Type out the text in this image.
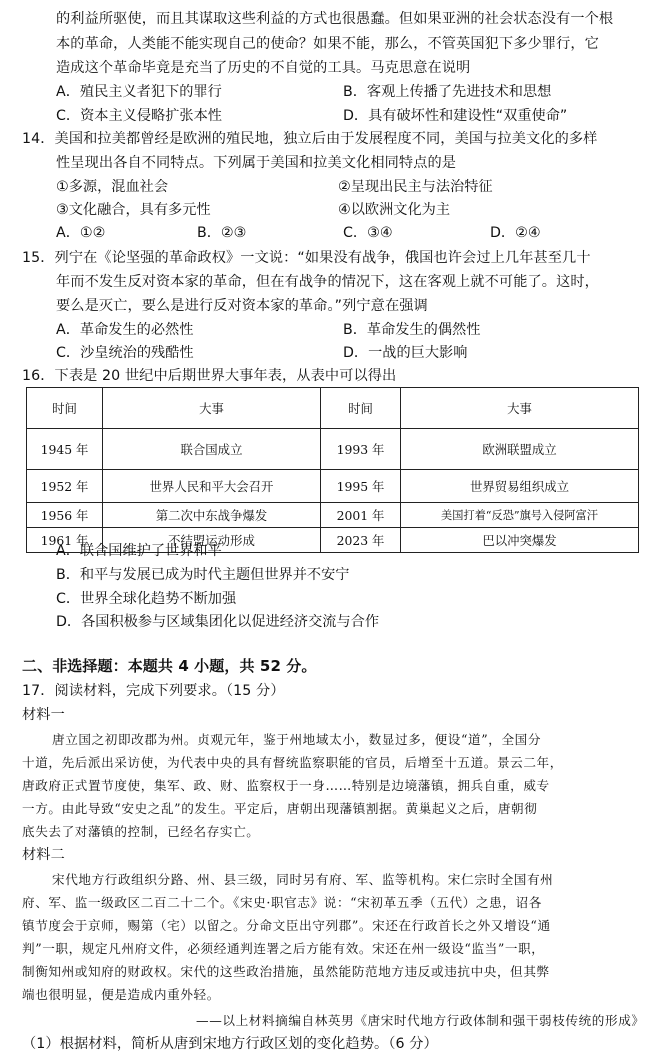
的利益所驱使，而且其谋取这些利益的方式也很愚蠢。但如果亚洲的社会状态没有一个根
本的革命，人类能不能实现自己的使命？如果不能，那么，不管英国犯下多少罪行，它
造成这个革命毕竟是充当了历史的不自觉的工具。马克思意在说明
A．殖民主义者犯下的罪行	B．客观上传播了先进技术和思想
C．资本主义侵略扩张本性	D．具有破坏性和建设性“双重使命”
14．美国和拉美都曾经是欧洲的殖民地，独立后由于发展程度不同，美国与拉美文化的多样
性呈现出各自不同特点。下列属于美国和拉美文化相同特点的是
①多源，混血社会	②呈现出民主与法治特征
③文化融合，具有多元性	④以欧洲文化为主
A．①②	B．②③	C．③④	D．②④
15．列宁在《论坚强的革命政权》一文说：“如果没有战争，俄国也许会过上几年甚至几十
年而不发生反对资本家的革命，但在有战争的情况下，这在客观上就不可能了。这时，
要么是灭亡，要么是进行反对资本家的革命。”列宁意在强调
A．革命发生的必然性	B．革命发生的偶然性
C．沙皇统治的残酷性	D．一战的巨大影响
16．下表是 20 世纪中后期世界大事年表，从表中可以得出
时间	大事	时间	大事
1945 年	联合国成立	1993 年	欧洲联盟成立
1952 年	世界人民和平大会召开	1995 年	世界贸易组织成立
1956 年	第二次中东战争爆发	2001 年	美国打着“反恐”旗号入侵阿富汗
1961 年	不结盟运动形成	2023 年	巴以冲突爆发
A．联合国维护了世界和平
B．和平与发展已成为时代主题但世界并不安宁
C．世界全球化趋势不断加强
D．各国积极参与区域集团化以促进经济交流与合作
二、非选择题：本题共 4 小题，共 52 分。
17．阅读材料，完成下列要求。（15 分）
材料一
唐立国之初即改郡为州。贞观元年，鉴于州地域太小，数显过多，便设“道”，全国分
十道，先后派出采访使，为代表中央的具有督统监察职能的官员，后增至十五道。景云二年，
唐政府正式置节度使，集军、政、财、监察权于一身……特别是边境藩镇，拥兵自重，威专
一方。由此导致“安史之乱”的发生。平定后，唐朝出现藩镇割据。黄巢起义之后，唐朝彻
底失去了对藩镇的控制，已经名存实亡。
材料二
宋代地方行政组织分路、州、县三级，同时另有府、军、监等机构。宋仁宗时全国有州
府、军、监一级政区二百二十二个。《宋史·职官志》说：“宋初革五季（五代）之患，诏各
镇节度会于京师，赐第（宅）以留之。分命文臣出守列郡”。宋还在行政首长之外又增设“通
判”一职，规定凡州府文件，必须经通判连署之后方能有效。宋还在州一级设“监当”一职，
制衡知州或知府的财政权。宋代的这些政治措施，虽然能防范地方违反或违抗中央，但其弊
端也很明显，便是造成内重外轻。
——以上材料摘编自林英男《唐宋时代地方行政体制和强干弱枝传统的形成》
（1）根据材料，简析从唐到宋地方行政区划的变化趋势。（6 分）
